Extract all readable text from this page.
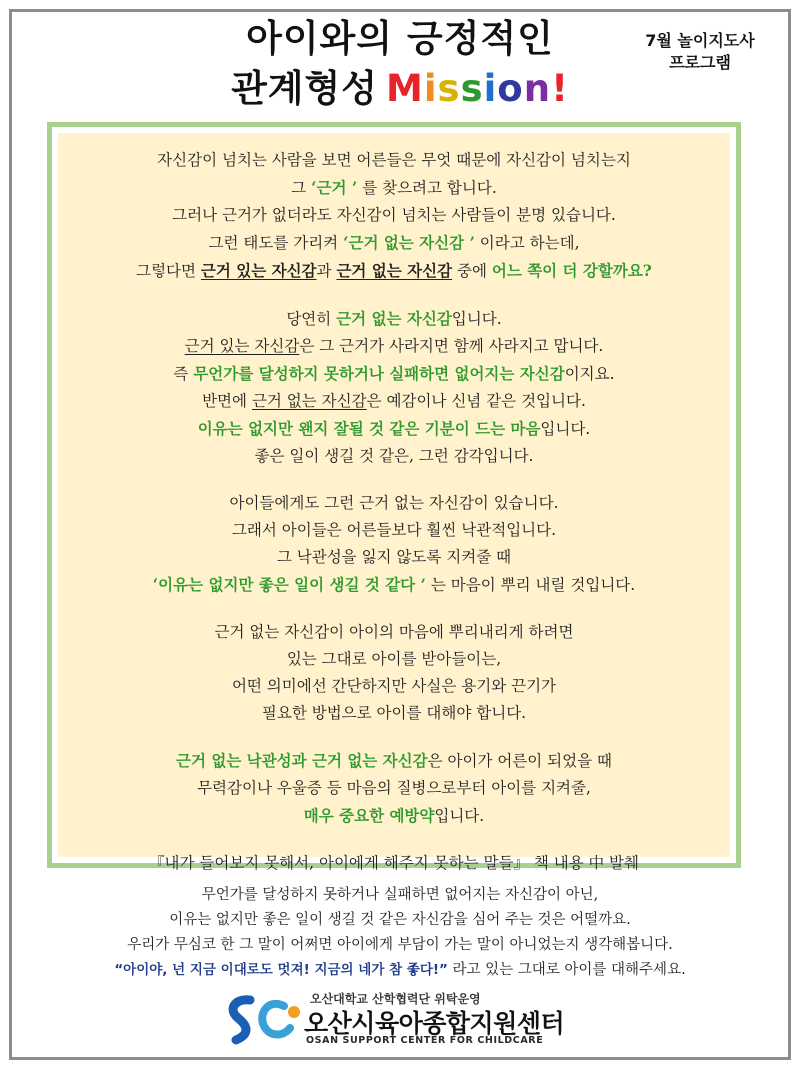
아이와의 긍정적인
관계형성 Mission!
7월 놀이지도사
프로그램

자신감이 넘치는 사람을 보면 어른들은 무엇 때문에 자신감이 넘치는지

그 ‘근거 ’ 를 찾으려고 합니다.

그러나 근거가 없더라도 자신감이 넘치는 사람들이 분명 있습니다.

그런 태도를 가리켜 ‘근거 없는 자신감 ’ 이라고 하는데,

그렇다면 근거 있는 자신감과 근거 없는 자신감 중에 어느 쪽이 더 강할까요?

당연히 근거 없는 자신감입니다.

근거 있는 자신감은 그 근거가 사라지면 함께 사라지고 맙니다.

즉 무언가를 달성하지 못하거나 실패하면 없어지는 자신감이지요.

반면에 근거 없는 자신감은 예감이나 신념 같은 것입니다.

이유는 없지만 왠지 잘될 것 같은 기분이 드는 마음입니다.

좋은 일이 생길 것 같은, 그런 감각입니다.

아이들에게도 그런 근거 없는 자신감이 있습니다.

그래서 아이들은 어른들보다 훨씬 낙관적입니다.

그 낙관성을 잃지 않도록 지켜줄 때

‘이유는 없지만 좋은 일이 생길 것 같다 ’ 는 마음이 뿌리 내릴 것입니다.

근거 없는 자신감이 아이의 마음에 뿌리내리게 하려면

있는 그대로 아이를 받아들이는,

어떤 의미에선 간단하지만 사실은 용기와 끈기가

필요한 방법으로 아이를 대해야 합니다.

근거 없는 낙관성과 근거 없는 자신감은 아이가 어른이 되었을 때

무력감이나 우울증 등 마음의 질병으로부터 아이를 지켜줄,

매우 중요한 예방약입니다.

『내가 들어보지 못해서, 아이에게 해주지 못하는 말들』 책 내용 中 발췌

무언가를 달성하지 못하거나 실패하면 없어지는 자신감이 아닌,

이유는 없지만 좋은 일이 생길 것 같은 자신감을 심어 주는 것은 어떨까요.

우리가 무심코 한 그 말이 어쩌면 아이에게 부담이 가는 말이 아니었는지 생각해봅니다.

“아이야, 넌 지금 이대로도 멋져! 지금의 네가 참 좋다!” 라고 있는 그대로 아이를 대해주세요.

오산대학교 산학협력단 위탁운영
오산시육아종합지원센터
OSAN SUPPORT CENTER FOR CHILDCARE
